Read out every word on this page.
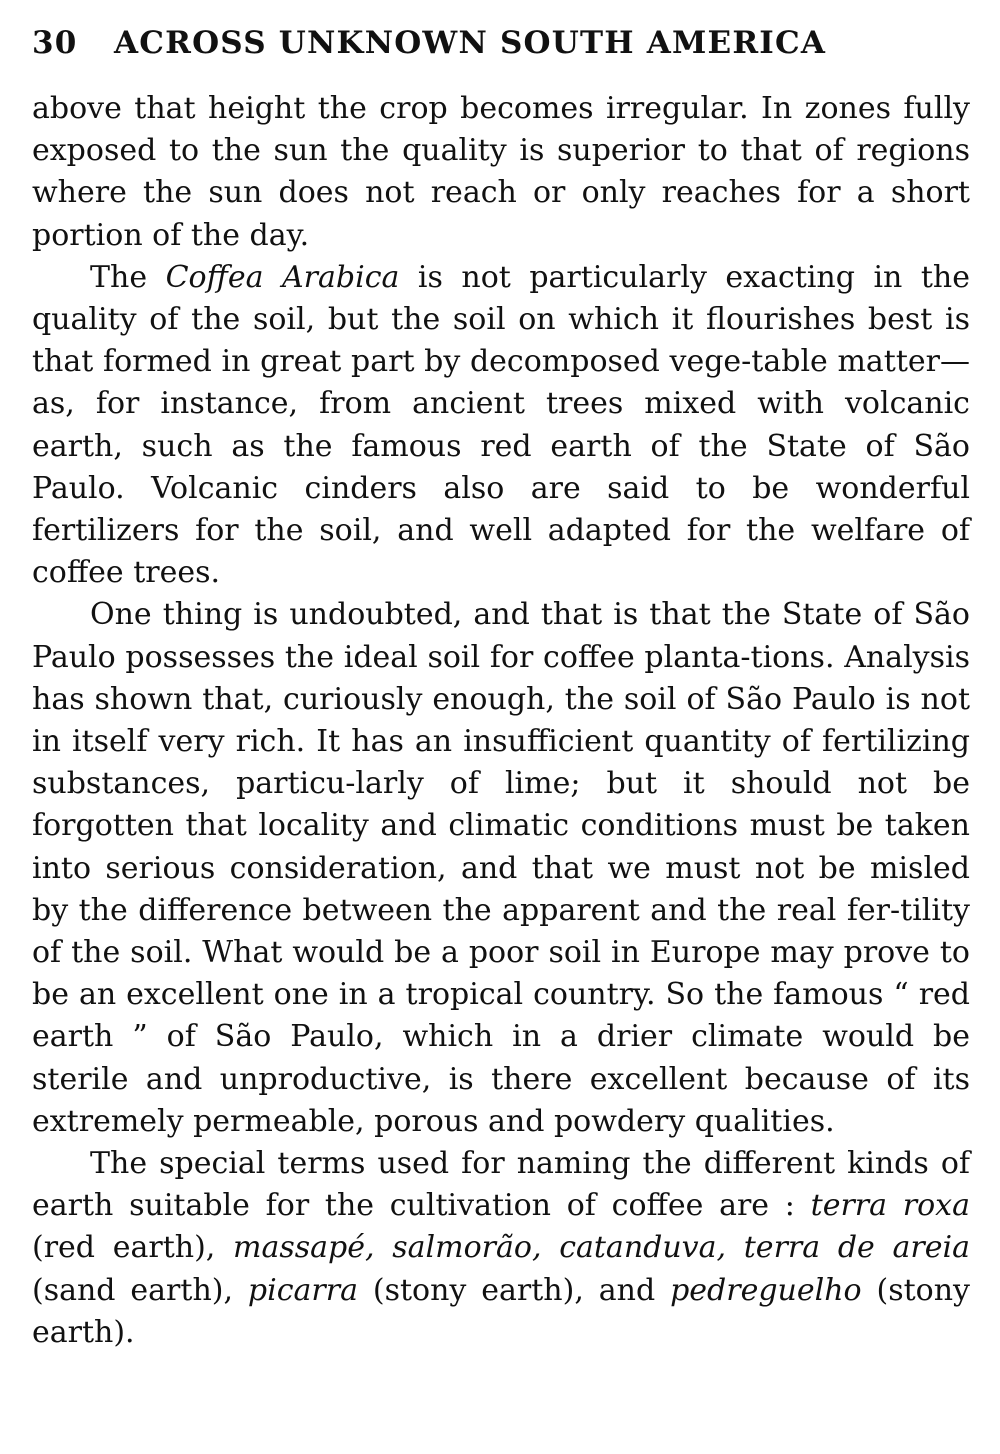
30	ACROSS UNKNOWN SOUTH AMERICA

above that height the crop becomes irregular. In zones fully exposed to the sun the quality is superior to that of regions where the sun does not reach or only reaches for a short portion of the day.

The Coffea Arabica is not particularly exacting in the quality of the soil, but the soil on which it flourishes best is that formed in great part by decomposed vege-table matter—as, for instance, from ancient trees mixed with volcanic earth, such as the famous red earth of the State of São Paulo. Volcanic cinders also are said to be wonderful fertilizers for the soil, and well adapted for the welfare of coffee trees.

One thing is undoubted, and that is that the State of São Paulo possesses the ideal soil for coffee planta-tions. Analysis has shown that, curiously enough, the soil of São Paulo is not in itself very rich. It has an insufficient quantity of fertilizing substances, particu-larly of lime; but it should not be forgotten that locality and climatic conditions must be taken into serious consideration, and that we must not be misled by the difference between the apparent and the real fer-tility of the soil. What would be a poor soil in Europe may prove to be an excellent one in a tropical country. So the famous “ red earth ” of São Paulo, which in a drier climate would be sterile and unproductive, is there excellent because of its extremely permeable, porous and powdery qualities.

The special terms used for naming the different kinds of earth suitable for the cultivation of coffee are : terra roxa (red earth), massapé, salmorão, catanduva, terra de areia (sand earth), picarra (stony earth), and pedreguelho (stony earth).
